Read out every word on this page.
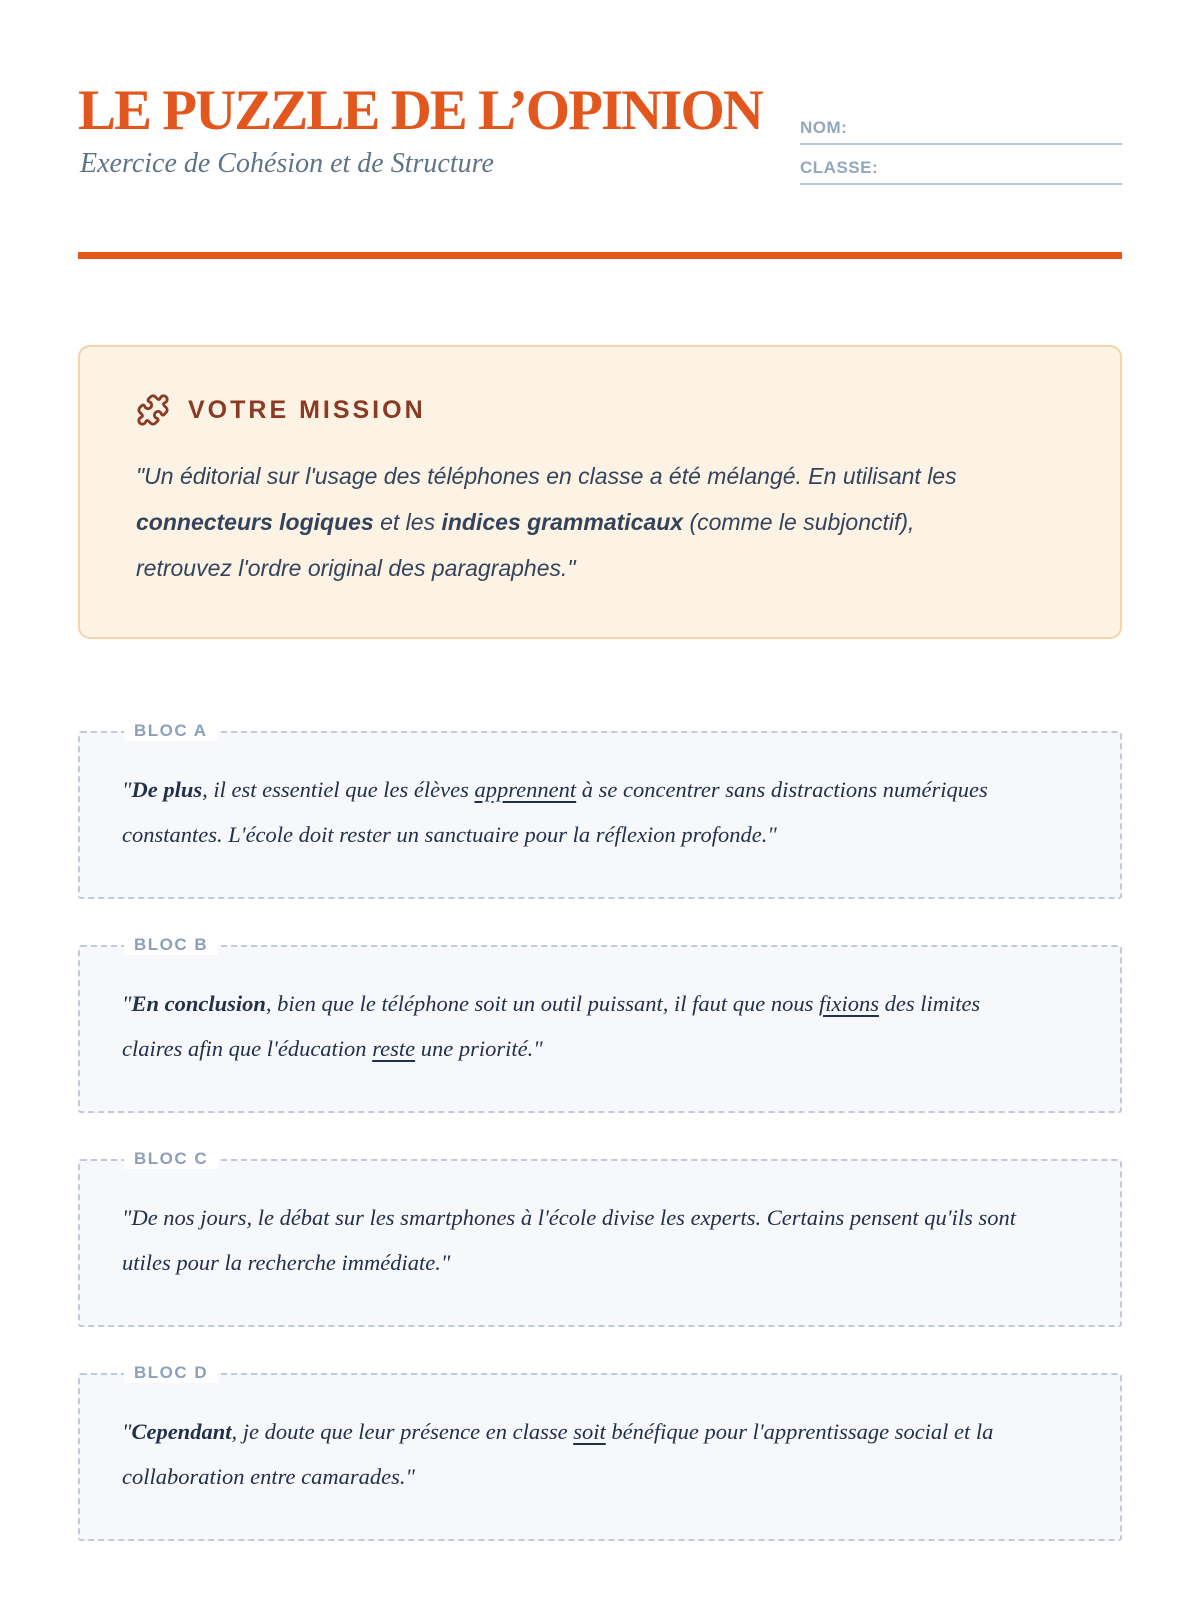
LE PUZZLE DE L’OPINION

Exercice de Cohésion et de Structure

NOM:
CLASSE:
VOTRE MISSION

"Un éditorial sur l'usage des téléphones en classe a été mélangé. En utilisant les connecteurs logiques et les indices grammaticaux (comme le subjonctif), retrouvez l'ordre original des paragraphes."

BLOC A

"De plus, il est essentiel que les élèves apprennent à se concentrer sans distractions numériques constantes. L'école doit rester un sanctuaire pour la réflexion profonde."

BLOC B

"En conclusion, bien que le téléphone soit un outil puissant, il faut que nous fixions des limites claires afin que l'éducation reste une priorité."

BLOC C

"De nos jours, le débat sur les smartphones à l'école divise les experts. Certains pensent qu'ils sont utiles pour la recherche immédiate."

BLOC D

"Cependant, je doute que leur présence en classe soit bénéfique pour l'apprentissage social et la collaboration entre camarades."
